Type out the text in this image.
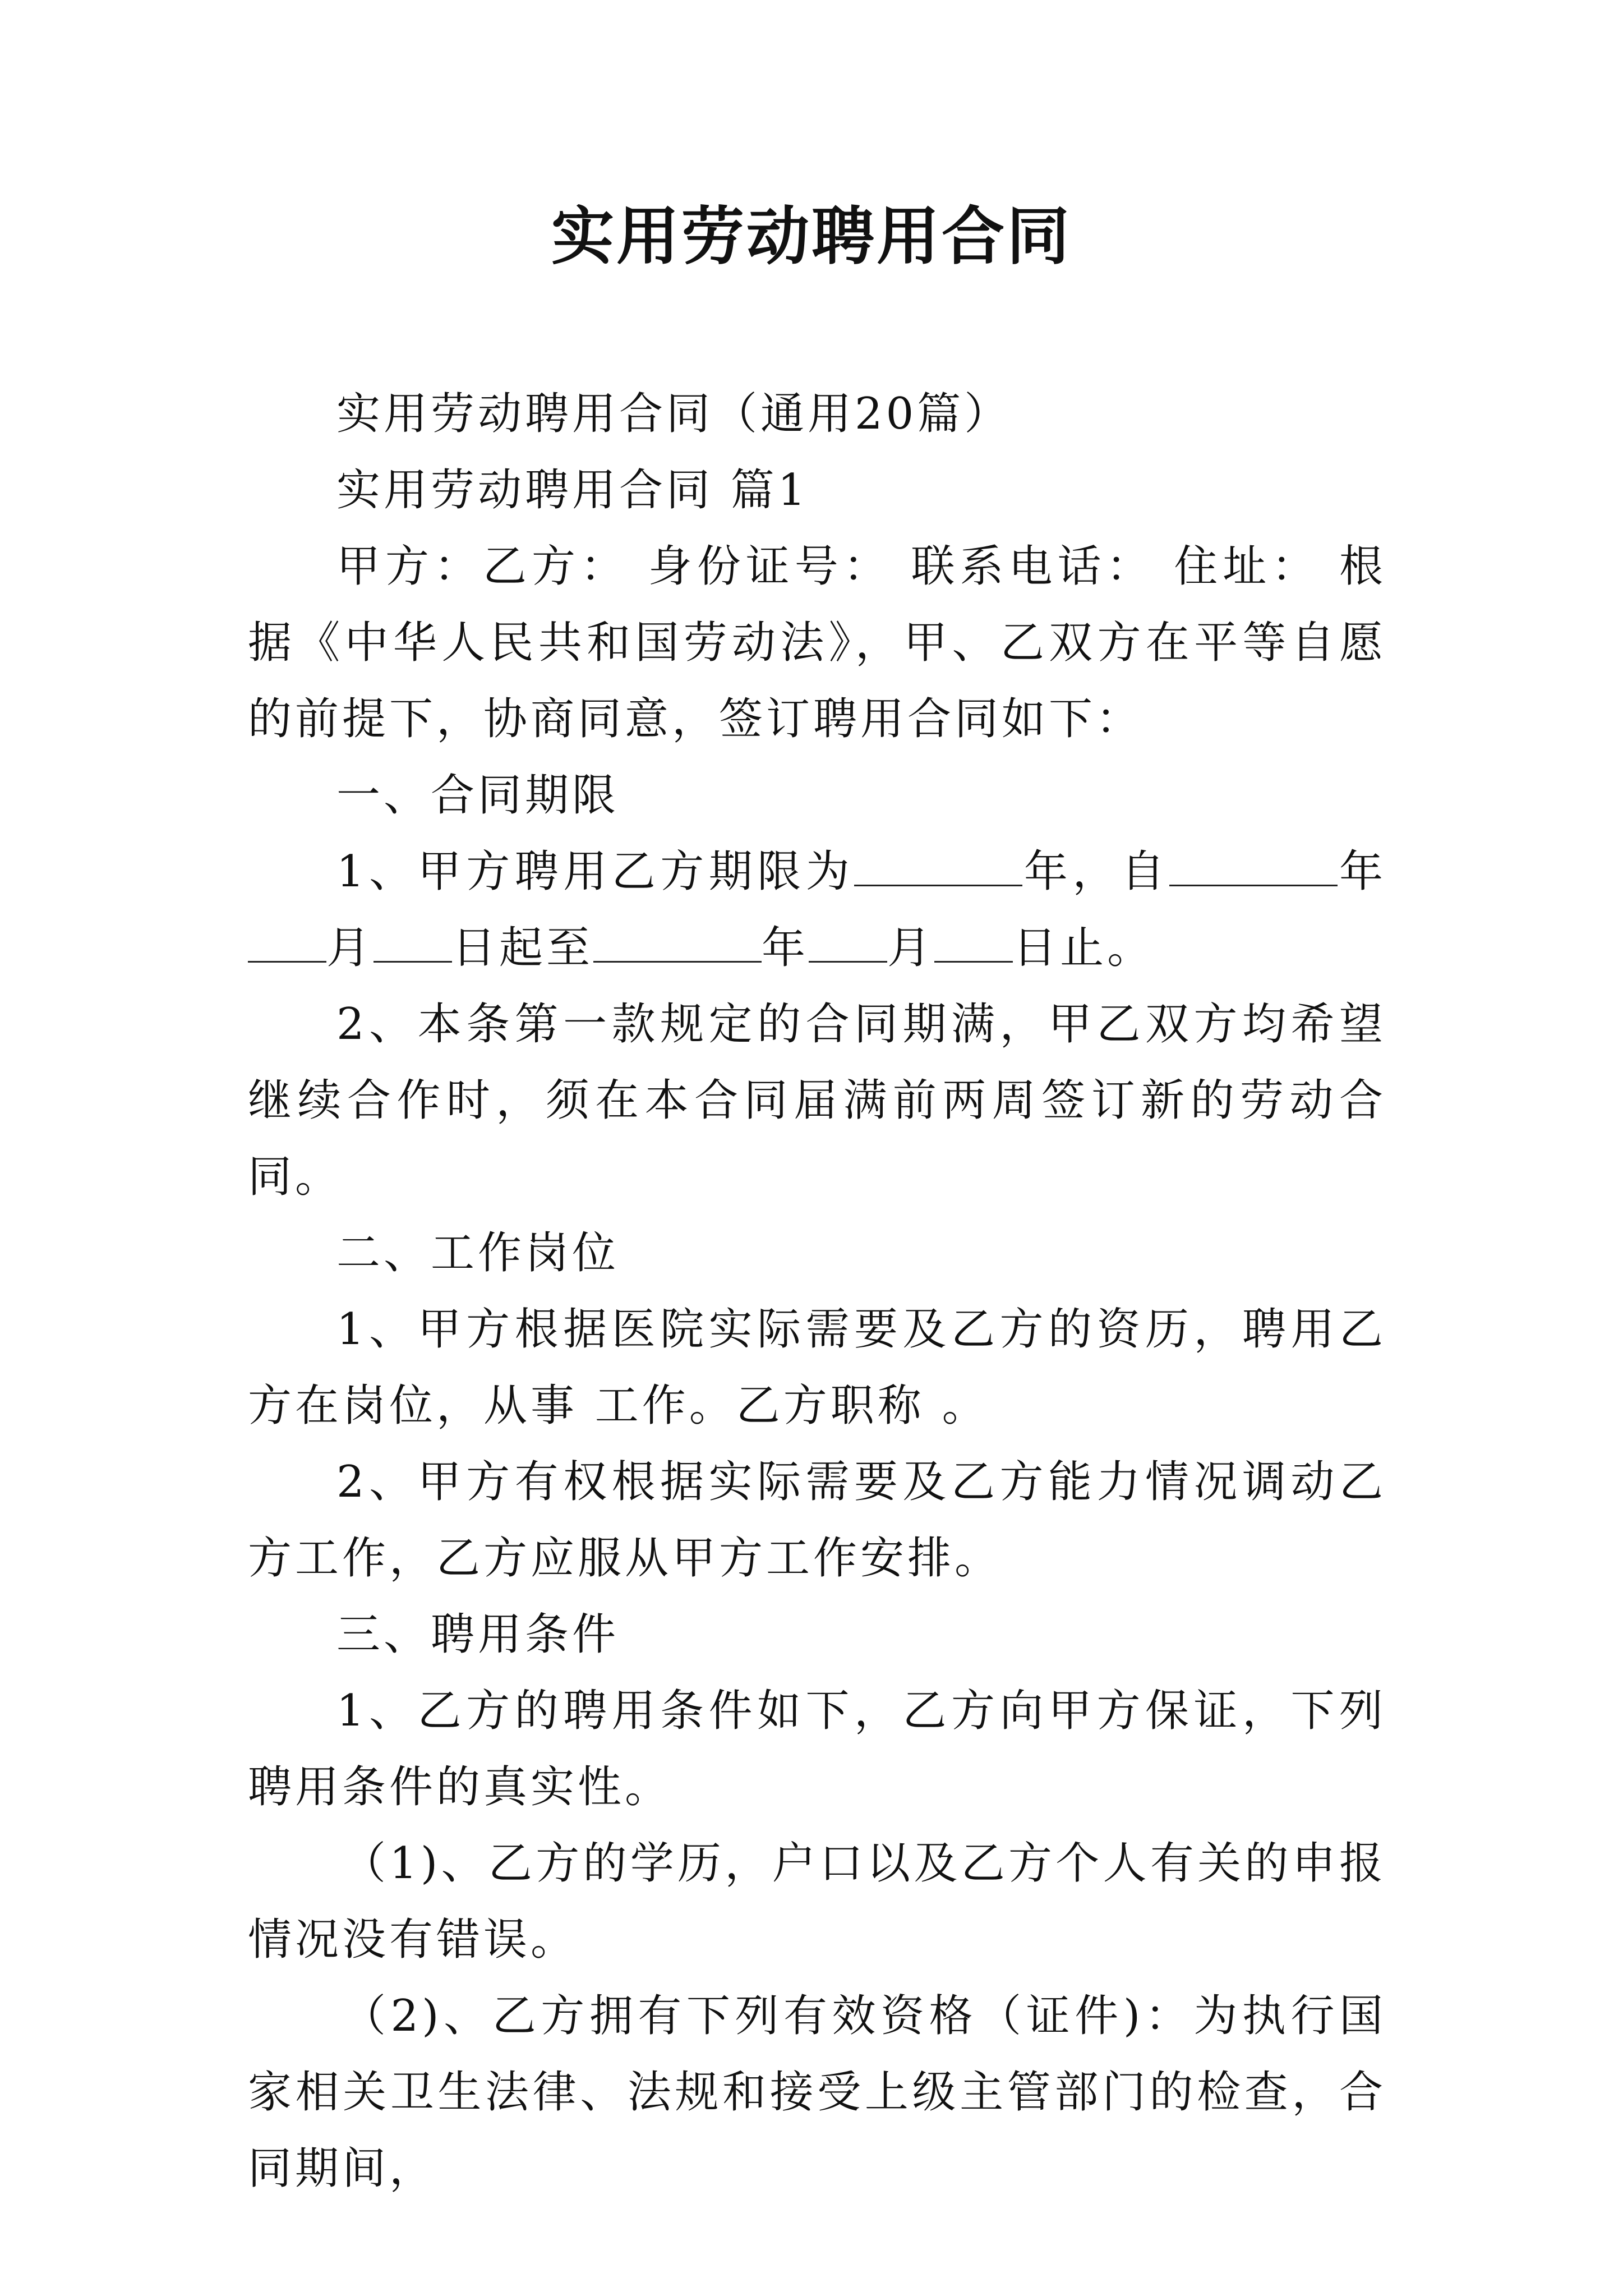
实用劳动聘用合同

实用劳动聘用合同（通用20篇）

实用劳动聘用合同 篇1

甲方：乙方： 身份证号： 联系电话： 住址： 根据《中华人民共和国劳动法》，甲、乙双方在平等自愿的前提下，协商同意，签订聘用合同如下：

一、合同期限

1、甲方聘用乙方期限为	年，自	年月 日起至	年 月 日止。

2、本条第一款规定的合同期满，甲乙双方均希望继续合作时，须在本合同届满前两周签订新的劳动合同。

二、工作岗位

1、甲方根据医院实际需要及乙方的资历，聘用乙方在岗位，从事 工作。乙方职称 。

2、甲方有权根据实际需要及乙方能力情况调动乙方工作，乙方应服从甲方工作安排。

三、聘用条件

1、乙方的聘用条件如下，乙方向甲方保证，下列聘用条件的真实性。

（1)、乙方的学历，户口以及乙方个人有关的申报情况没有错误。

（2)、乙方拥有下列有效资格（证件)：为执行国家相关卫生法律、法规和接受上级主管部门的检查，合同期间，
